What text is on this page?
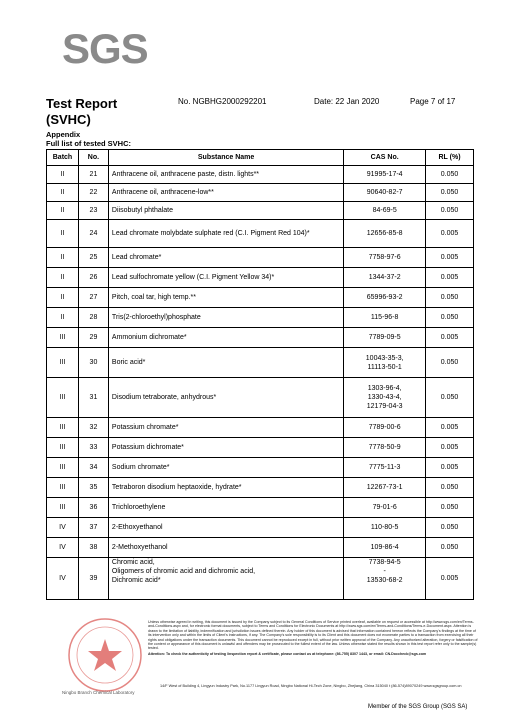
SGS
Test Report
(SVHC)
No. NGBHG2000292201	Date: 22 Jan 2020	Page 7 of 17
Appendix
Full list of tested SVHC:
Batch	No.	Substance Name	CAS No.	RL (%)
II	21	Anthracene oil, anthracene paste, distn. lights**	91995-17-4	0.050
II	22	Anthracene oil, anthracene-low**	90640-82-7	0.050
II	23	Diisobutyl phthalate	84-69-5	0.050
II	24	Lead chromate molybdate sulphate red (C.I. Pigment Red 104)*	12656-85-8	0.005
II	25	Lead chromate*	7758-97-6	0.005
II	26	Lead sulfochromate yellow (C.I. Pigment Yellow 34)*	1344-37-2	0.005
II	27	Pitch, coal tar, high temp.**	65996-93-2	0.050
II	28	Tris(2-chloroethyl)phosphate	115-96-8	0.050
III	29	Ammonium dichromate*	7789-09-5	0.005
III	30	Boric acid*	10043-35-3,
11113-50-1	0.050
III	31	Disodium tetraborate, anhydrous*	1303-96-4,
1330-43-4,
12179-04-3	0.050
III	32	Potassium chromate*	7789-00-6	0.005
III	33	Potassium dichromate*	7778-50-9	0.005
III	34	Sodium chromate*	7775-11-3	0.005
III	35	Tetraboron disodium heptaoxide, hydrate*	12267-73-1	0.050
III	36	Trichloroethylene	79-01-6	0.050
IV	37	2-Ethoxyethanol	110-80-5	0.050
IV	38	2-Methoxyethanol	109-86-4	0.050
IV	39	Chromic acid,
Oligomers of chromic acid and dichromic acid,
Dichromic acid*	7738-94-5
-
13530-68-2	0.005
Unless otherwise agreed in writing, this document is issued by the Company subject to its General Conditions of Service printed overleaf, available on request or accessible at http://www.sgs.com/en/Terms-and-Conditions.aspx and, for electronic format documents, subject to Terms and Conditions for Electronic Documents at http://www.sgs.com/en/Terms-and-Conditions/Terms-e-Document.aspx. Attention is drawn to the limitation of liability, indemnification and jurisdiction issues defined therein. Any holder of this document is advised that information contained hereon reflects the Company's findings at the time of its intervention only and within the limits of Client's instructions, if any. The Company's sole responsibility is to its Client and this document does not exonerate parties to a transaction from exercising all their rights and obligations under the transaction documents. This document cannot be reproduced except in full, without prior written approval of the Company. Any unauthorized alteration, forgery or falsification of the content or appearance of this document is unlawful and offenders may be prosecuted to the fullest extent of the law. Unless otherwise stated the results shown in this test report refer only to the sample(s) tested.
Attention: To check the authenticity of testing /inspection report & certificate, please contact us at telephone: (86-755) 8307 1443, or email: CN.Doccheck@sgs.com
14/F West of Building 4, Lingyun Industry Park, No.1177 Lingyun Road, Ningbo National Hi-Tech Zone, Ningbo, Zhejiang, China 315040 t (86-574)89070249 www.sgsgroup.com.cn
Ningbo Branch Chemical Laboratory
Member of the SGS Group (SGS SA)
